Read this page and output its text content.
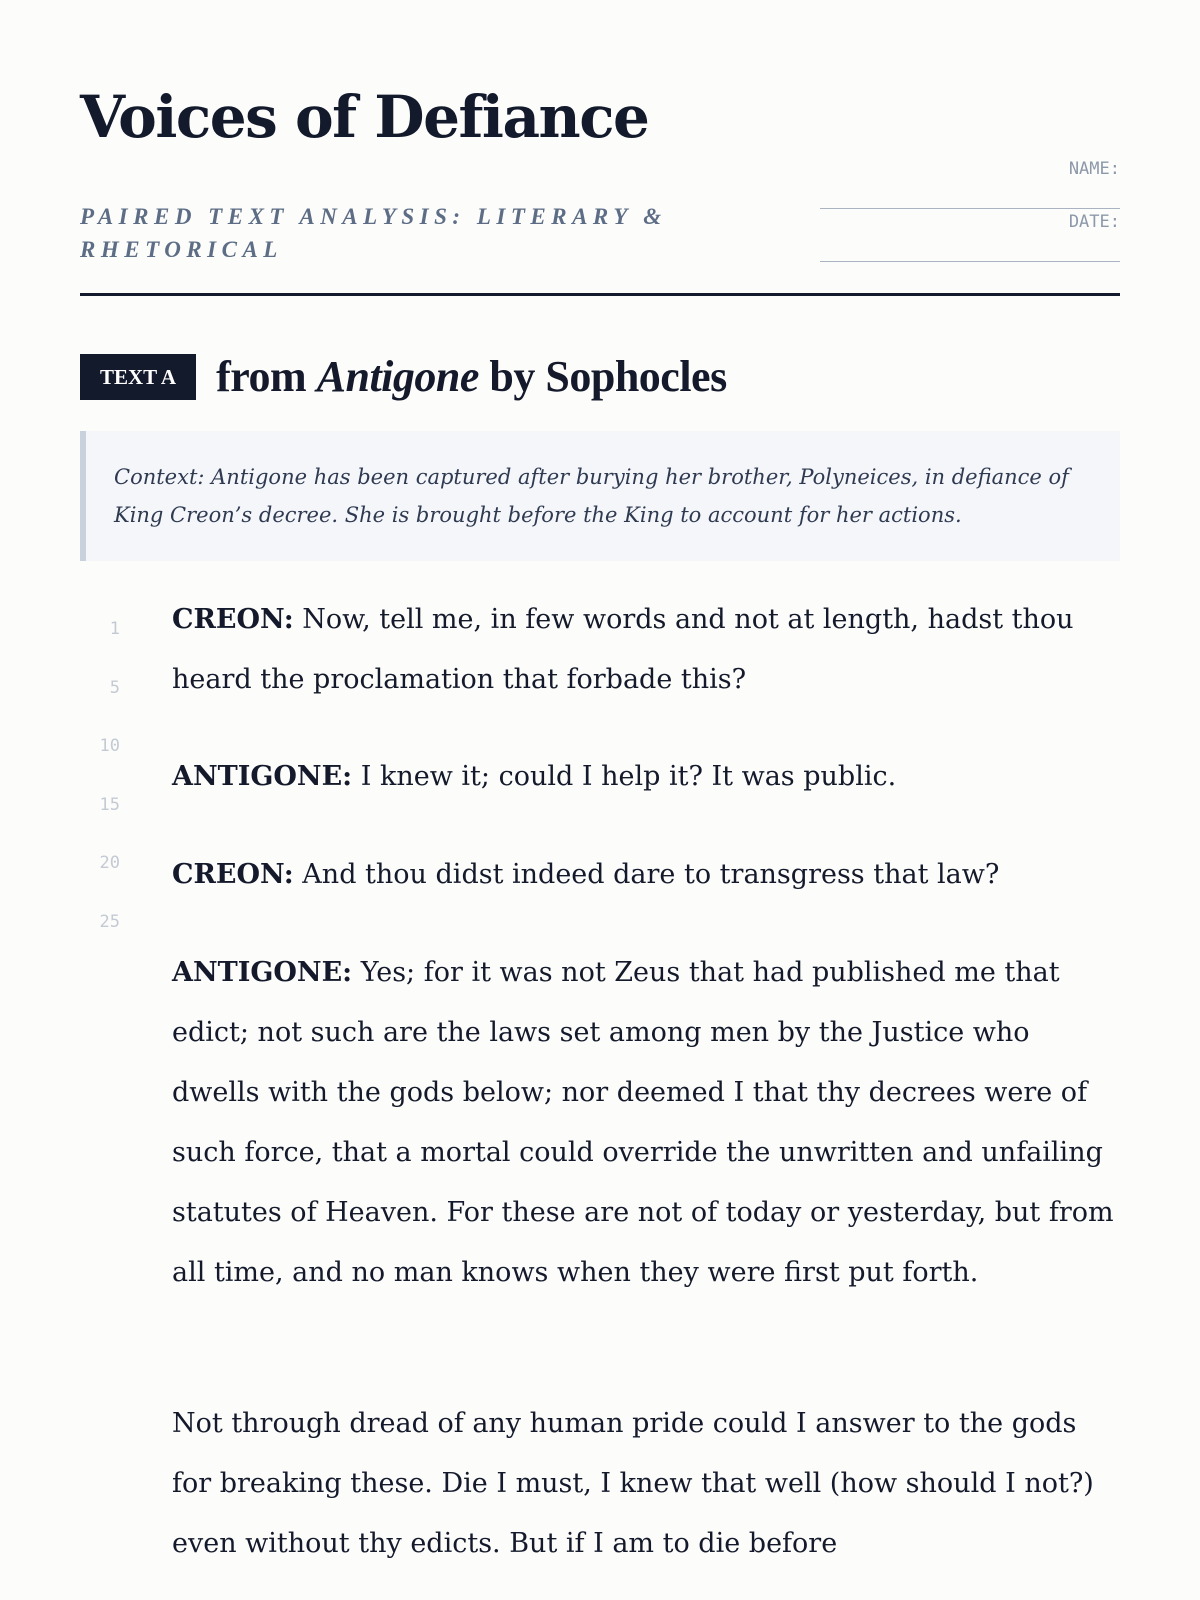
Voices of Defiance
PAIRED TEXT ANALYSIS: LITERARY & RHETORICAL
NAME:
DATE:
TEXT A from Antigone by Sophocles
Context: Antigone has been captured after burying her brother, Polyneices, in defiance of King Creon’s decree. She is brought before the King to account for her actions.
1
5
10
15
20
25

CREON: Now, tell me, in few words and not at length, hadst thou heard the proclamation that forbade this?

ANTIGONE: I knew it; could I help it? It was public.

CREON: And thou didst indeed dare to transgress that law?

ANTIGONE: Yes; for it was not Zeus that had published me that edict; not such are the laws set among men by the Justice who dwells with the gods below; nor deemed I that thy decrees were of such force, that a mortal could override the unwritten and unfailing statutes of Heaven. For these are not of today or yesterday, but from all time, and no man knows when they were first put forth.

Not through dread of any human pride could I answer to the gods for breaking these. Die I must, I knew that well (how should I not?) even without thy edicts. But if I am to die before
